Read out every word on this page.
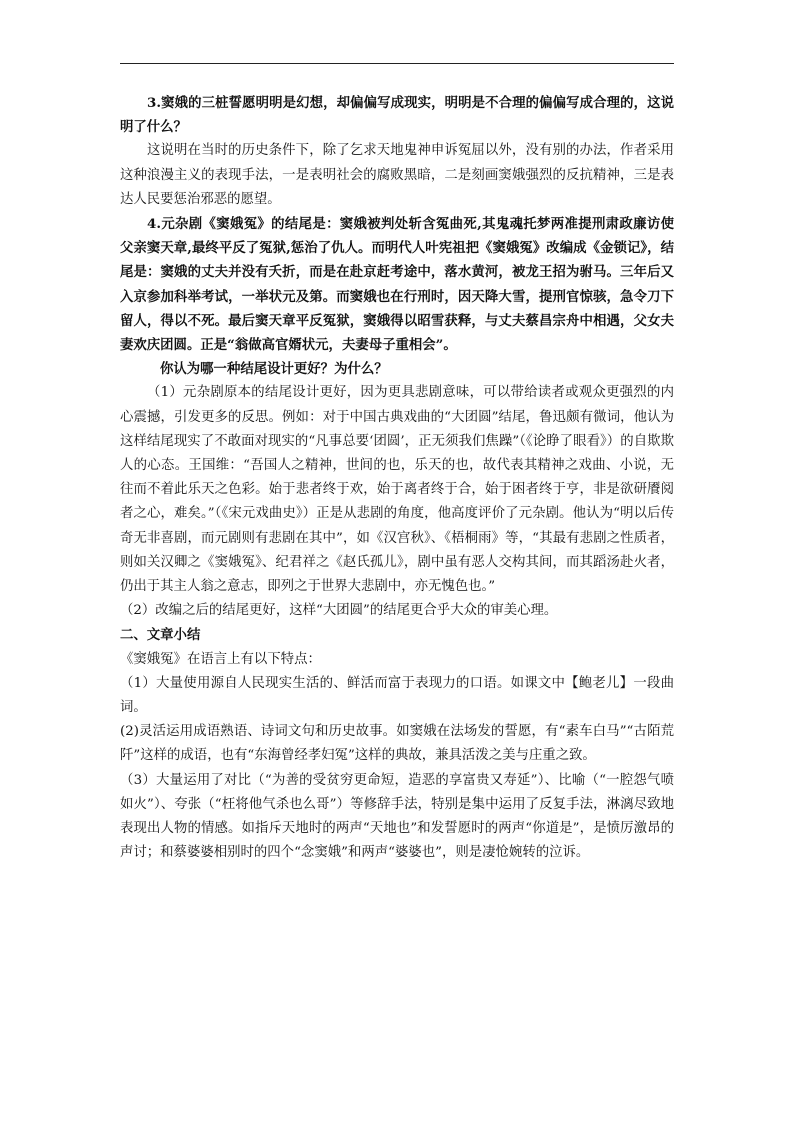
3.窦娥的三桩誓愿明明是幻想，却偏偏写成现实，明明是不合理的偏偏写成合理的，这说明了什么？

这说明在当时的历史条件下，除了乞求天地鬼神申诉冤屈以外，没有别的办法，作者采用这种浪漫主义的表现手法，一是表明社会的腐败黑暗，二是刻画窦娥强烈的反抗精神，三是表达人民要惩治邪恶的愿望。

4.元杂剧《窦娥冤》的结尾是：窦娥被判处斩含冤曲死,其鬼魂托梦两准提刑肃政廉访使父亲窦天章,最终平反了冤狱,惩治了仇人。而明代人叶宪祖把《窦娥冤》改编成《金锁记》，结尾是：窦娥的丈夫并没有夭折，而是在赴京赶考途中，落水黄河，被龙王招为驸马。三年后又入京参加科举考试，一举状元及第。而窦娥也在行刑时，因天降大雪，提刑官惊骇，急令刀下留人，得以不死。最后窦天章平反冤狱，窦娥得以昭雪获释，与丈夫蔡昌宗舟中相遇，父女夫妻欢庆团圆。正是“翁做高官婿状元，夫妻母子重相会”。

你认为哪一种结尾设计更好？为什么？

（1）元杂剧原本的结尾设计更好，因为更具悲剧意味，可以带给读者或观众更强烈的内心震撼，引发更多的反思。例如：对于中国古典戏曲的“大团圆”结尾，鲁迅颇有微词，他认为这样结尾现实了不敢面对现实的“凡事总要‘团圆’，正无须我们焦躁”（《论睁了眼看》）的自欺欺人的心态。王国维：“吾国人之精神，世间的也，乐天的也，故代表其精神之戏曲、小说，无往而不着此乐天之色彩。始于悲者终于欢，始于离者终于合，始于困者终于亨，非是欲研餍阅者之心，难矣。”（《宋元戏曲史》）正是从悲剧的角度，他高度评价了元杂剧。他认为“明以后传奇无非喜剧，而元剧则有悲剧在其中”，如《汉宫秋》、《梧桐雨》等，“其最有悲剧之性质者，则如关汉卿之《窦娥冤》、纪君祥之《赵氏孤儿》，剧中虽有恶人交构其间，而其蹈汤赴火者，仍出于其主人翁之意志，即列之于世界大悲剧中，亦无愧色也。”

（2）改编之后的结尾更好，这样“大团圆”的结尾更合乎大众的审美心理。

二、文章小结

《窦娥冤》在语言上有以下特点：

（1）大量使用源自人民现实生活的、鲜活而富于表现力的口语。如课文中【鲍老儿】一段曲词。

(2)灵活运用成语熟语、诗词文句和历史故事。如窦娥在法场发的誓愿，有“素车白马”“古陌荒阡”这样的成语，也有“东海曾经孝妇冤”这样的典故，兼具活泼之美与庄重之致。

（3）大量运用了对比（“为善的受贫穷更命短，造恶的享富贵又寿延”）、比喻（“一腔怨气喷如火”）、夸张（“枉将他气杀也么哥”）等修辞手法，特别是集中运用了反复手法，淋漓尽致地表现出人物的情感。如指斥天地时的两声“天地也”和发誓愿时的两声“你道是”，是愤厉激昂的声讨；和蔡婆婆相别时的四个“念窦娥”和两声“婆婆也”，则是凄怆婉转的泣诉。
